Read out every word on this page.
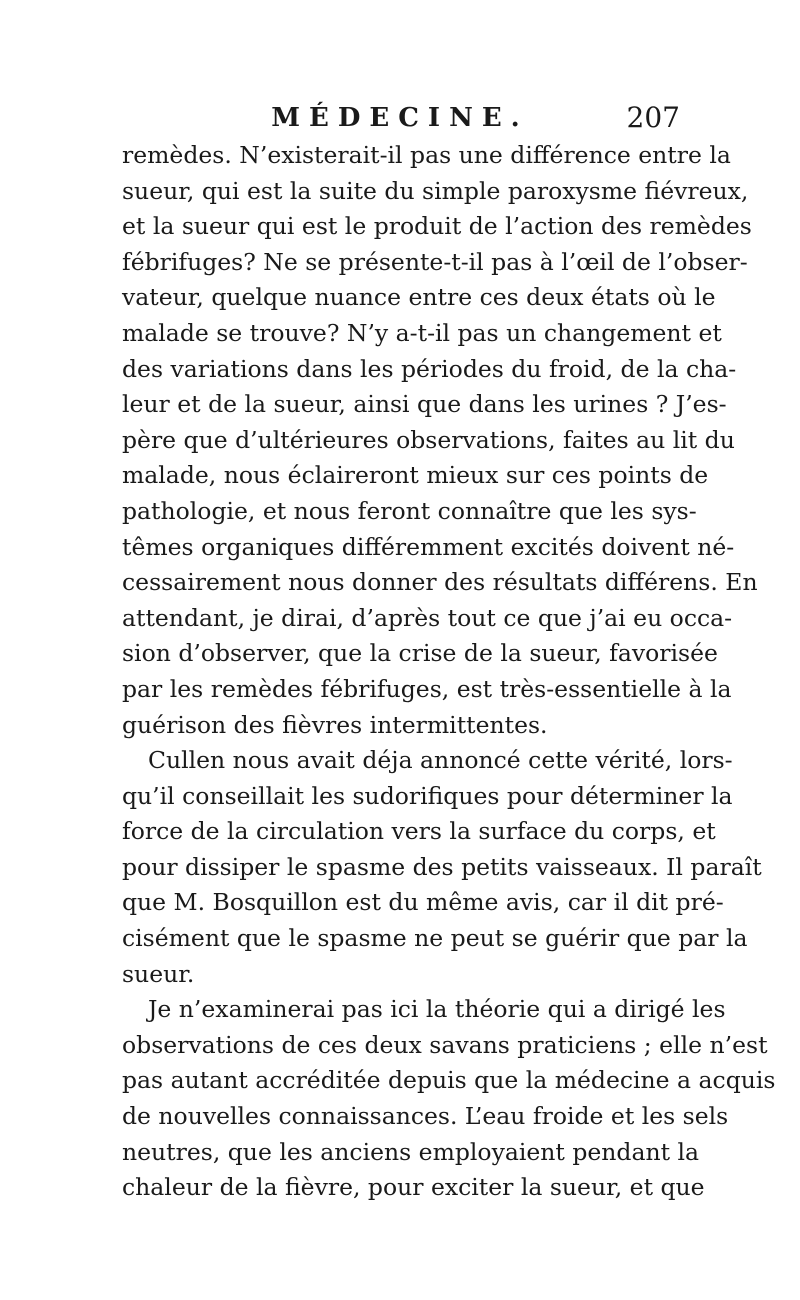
MÉDECINE.	207
remèdes. N’existerait-il pas une différence entre la
sueur, qui est la suite du simple paroxysme fiévreux,
et la sueur qui est le produit de l’action des remèdes
fébrifuges? Ne se présente-t-il pas à l’œil de l’obser-
vateur, quelque nuance entre ces deux états où le
malade se trouve? N’y a-t-il pas un changement et
des variations dans les périodes du froid, de la cha-
leur et de la sueur, ainsi que dans les urines ? J’es-
père que d’ultérieures observations, faites au lit du
malade, nous éclaireront mieux sur ces points de
pathologie, et nous feront connaître que les sys-
têmes organiques différemment excités doivent né-
cessairement nous donner des résultats différens. En
attendant, je dirai, d’après tout ce que j’ai eu occa-
sion d’observer, que la crise de la sueur, favorisée
par les remèdes fébrifuges, est très-essentielle à la
guérison des fièvres intermittentes.
Cullen nous avait déja annoncé cette vérité, lors-
qu’il conseillait les sudorifiques pour déterminer la
force de la circulation vers la surface du corps, et
pour dissiper le spasme des petits vaisseaux. Il paraît
que M. Bosquillon est du même avis, car il dit pré-
cisément que le spasme ne peut se guérir que par la
sueur.
Je n’examinerai pas ici la théorie qui a dirigé les
observations de ces deux savans praticiens ; elle n’est
pas autant accréditée depuis que la médecine a acquis
de nouvelles connaissances. L’eau froide et les sels
neutres, que les anciens employaient pendant la
chaleur de la fièvre, pour exciter la sueur, et que
